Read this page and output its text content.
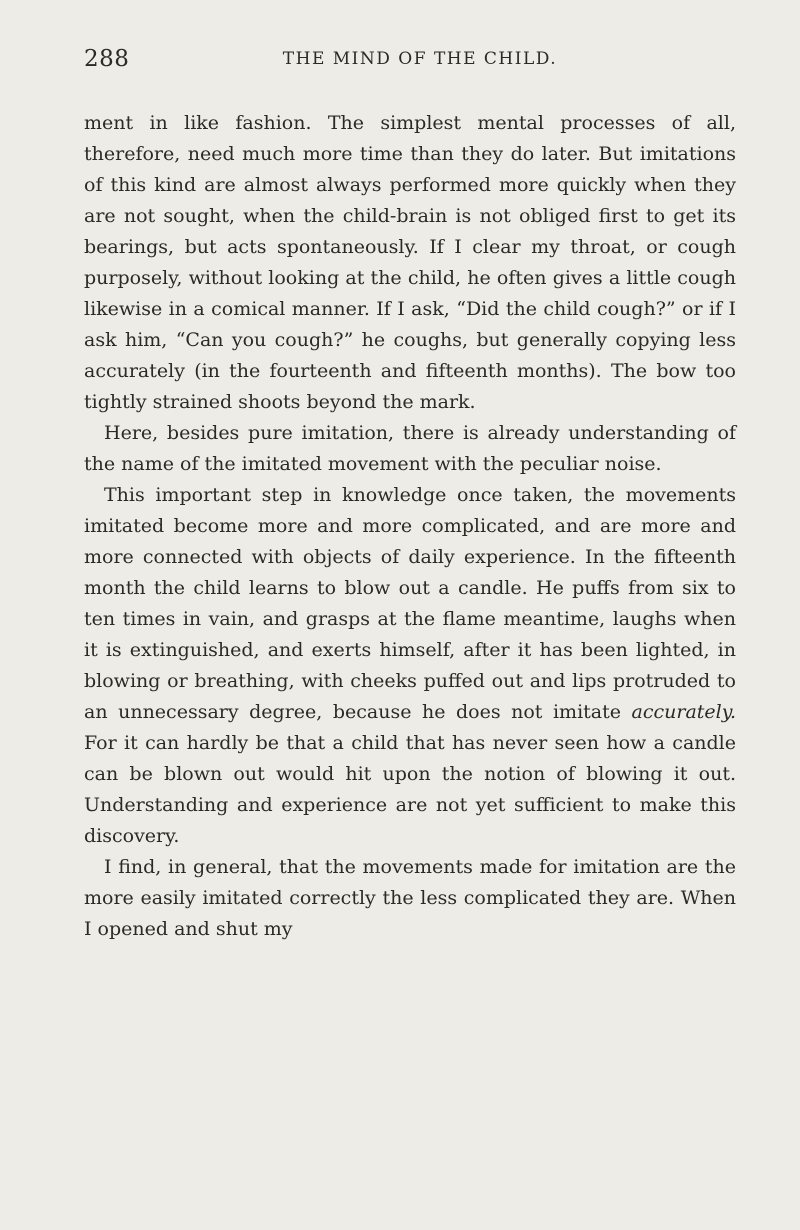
288	THE MIND OF THE CHILD.

ment in like fashion. The simplest mental processes of all, therefore, need much more time than they do later. But imitations of this kind are almost always performed more quickly when they are not sought, when the child-brain is not obliged first to get its bearings, but acts spontaneously. If I clear my throat, or cough purposely, without looking at the child, he often gives a little cough likewise in a comical manner. If I ask, “Did the child cough?” or if I ask him, “Can you cough?” he coughs, but generally copying less accurately (in the fourteenth and fifteenth months). The bow too tightly strained shoots beyond the mark.

Here, besides pure imitation, there is already understanding of the name of the imitated movement with the peculiar noise.

This important step in knowledge once taken, the movements imitated become more and more complicated, and are more and more connected with objects of daily experience. In the fifteenth month the child learns to blow out a candle. He puffs from six to ten times in vain, and grasps at the flame meantime, laughs when it is extinguished, and exerts himself, after it has been lighted, in blowing or breathing, with cheeks puffed out and lips protruded to an unnecessary degree, because he does not imitate accurately. For it can hardly be that a child that has never seen how a candle can be blown out would hit upon the notion of blowing it out. Understanding and experience are not yet sufficient to make this discovery.

I find, in general, that the movements made for imitation are the more easily imitated correctly the less complicated they are. When I opened and shut my
